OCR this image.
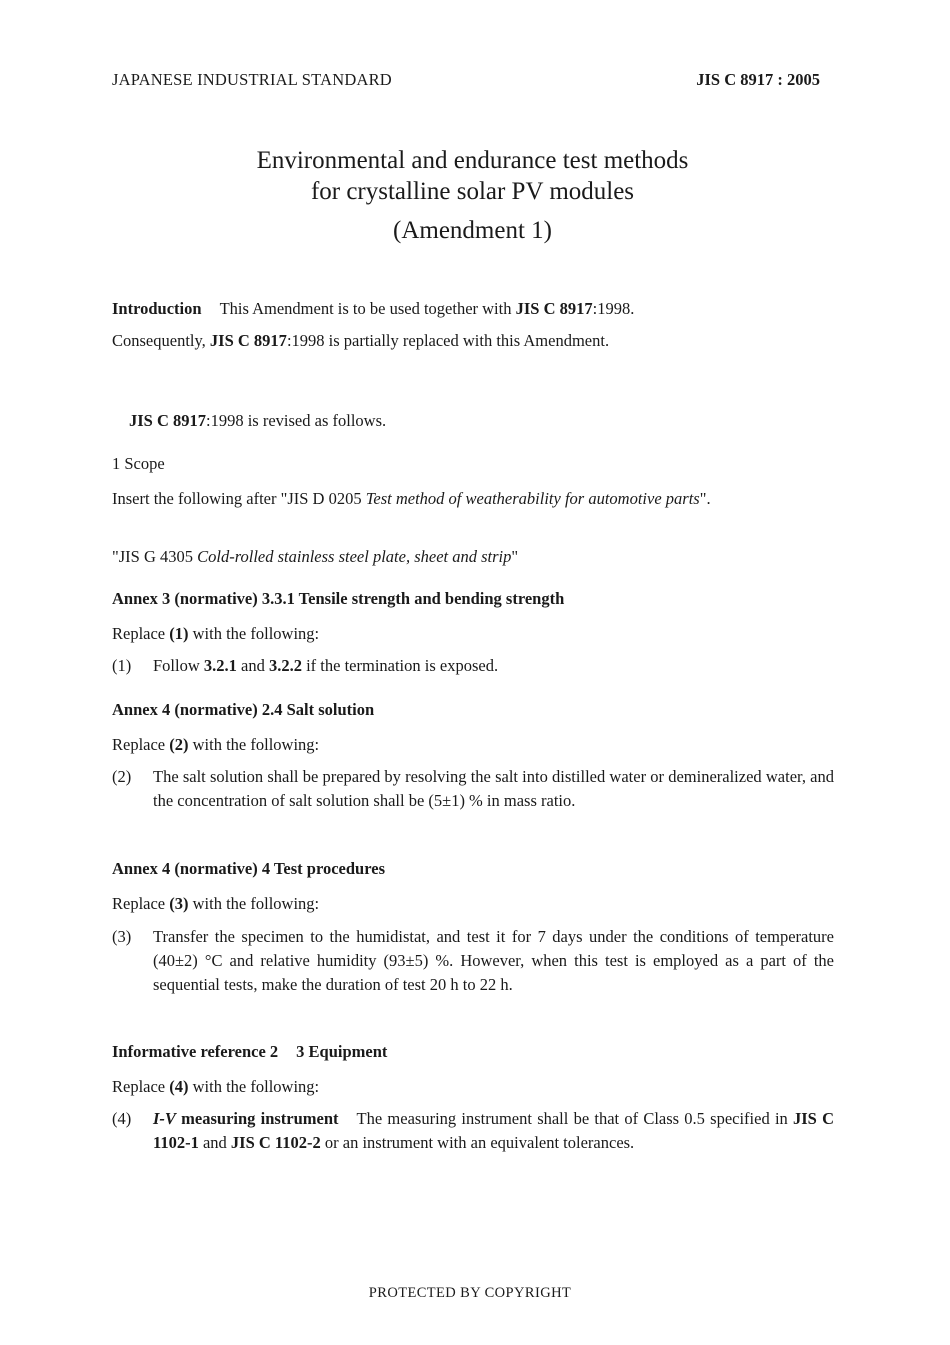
JAPANESE INDUSTRIAL STANDARD	JIS C 8917 : 2005
Environmental and endurance test methods
for crystalline solar PV modules
(Amendment 1)
Introduction This Amendment is to be used together with JIS C 8917:1998.
Consequently, JIS C 8917:1998 is partially replaced with this Amendment.
JIS C 8917:1998 is revised as follows.
1 Scope
Insert the following after "JIS D 0205 Test method of weatherability for automotive parts".
"JIS G 4305 Cold-rolled stainless steel plate, sheet and strip"
Annex 3 (normative) 3.3.1 Tensile strength and bending strength
Replace (1) with the following:
(1) Follow 3.2.1 and 3.2.2 if the termination is exposed.
Annex 4 (normative) 2.4 Salt solution
Replace (2) with the following:
(2) The salt solution shall be prepared by resolving the salt into distilled water or demineralized water, and the concentration of salt solution shall be (5±1) % in mass ratio.
Annex 4 (normative) 4 Test procedures
Replace (3) with the following:
(3) Transfer the specimen to the humidistat, and test it for 7 days under the conditions of temperature (40±2) °C and relative humidity (93±5) %. However, when this test is employed as a part of the sequential tests, make the duration of test 20 h to 22 h.
Informative reference 2 3 Equipment
Replace (4) with the following:
(4) I-V measuring instrument The measuring instrument shall be that of Class 0.5 specified in JIS C 1102-1 and JIS C 1102-2 or an instrument with an equivalent tolerances.
PROTECTED BY COPYRIGHT
